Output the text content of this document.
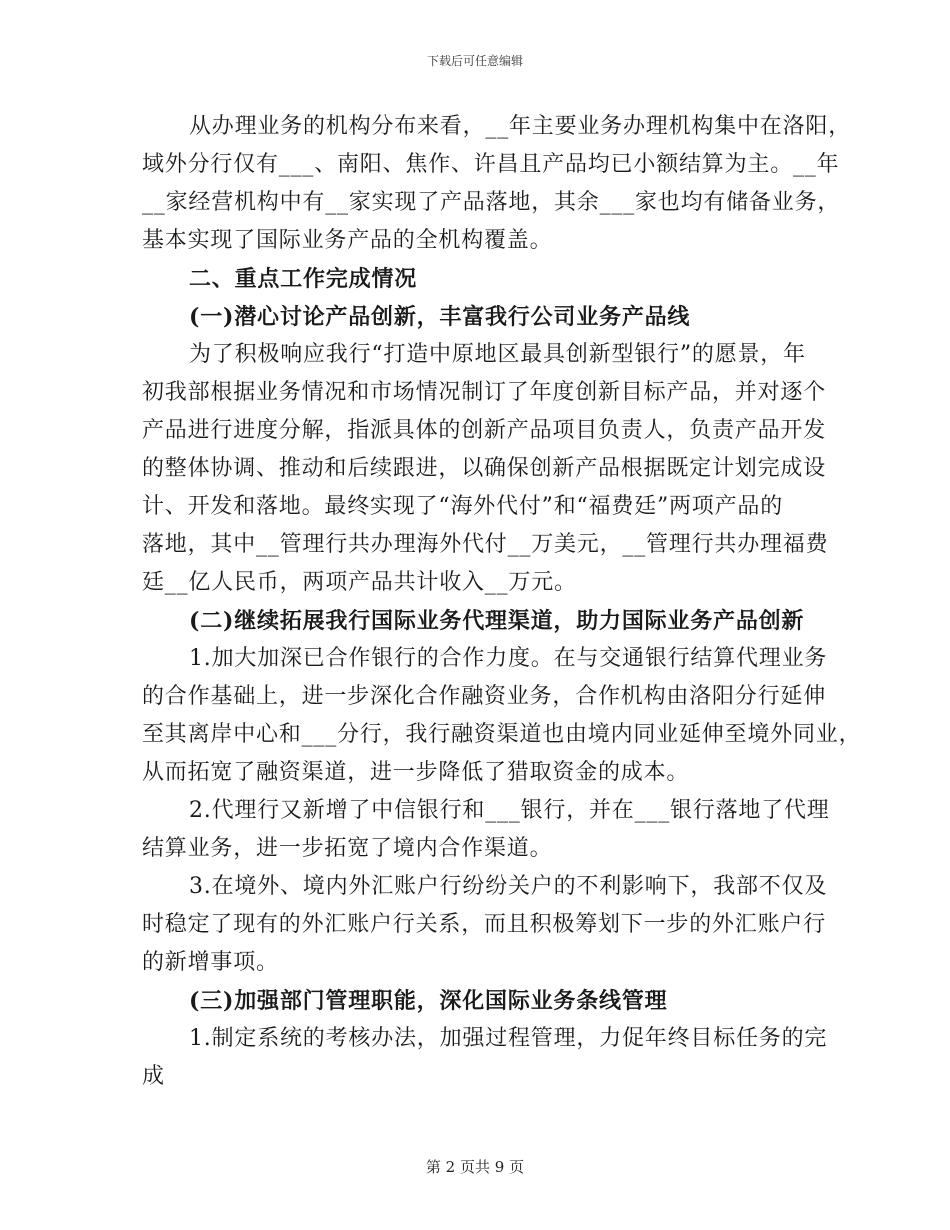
下载后可任意编辑
从办理业务的机构分布来看，__年主要业务办理机构集中在洛阳，
域外分行仅有___、南阳、焦作、许昌且产品均已小额结算为主。__年
__家经营机构中有__家实现了产品落地，其余___家也均有储备业务，
基本实现了国际业务产品的全机构覆盖。
二、重点工作完成情况
(一)潜心讨论产品创新，丰富我行公司业务产品线
为了积极响应我行“打造中原地区最具创新型银行”的愿景，年
初我部根据业务情况和市场情况制订了年度创新目标产品，并对逐个
产品进行进度分解，指派具体的创新产品项目负责人，负责产品开发
的整体协调、推动和后续跟进，以确保创新产品根据既定计划完成设
计、开发和落地。最终实现了“海外代付”和“福费廷”两项产品的
落地，其中__管理行共办理海外代付__万美元，__管理行共办理福费
廷__亿人民币，两项产品共计收入__万元。
(二)继续拓展我行国际业务代理渠道，助力国际业务产品创新
1.加大加深已合作银行的合作力度。在与交通银行结算代理业务
的合作基础上，进一步深化合作融资业务，合作机构由洛阳分行延伸
至其离岸中心和___分行，我行融资渠道也由境内同业延伸至境外同业，
从而拓宽了融资渠道，进一步降低了猎取资金的成本。
2.代理行又新增了中信银行和___银行，并在___银行落地了代理
结算业务，进一步拓宽了境内合作渠道。
3.在境外、境内外汇账户行纷纷关户的不利影响下，我部不仅及
时稳定了现有的外汇账户行关系，而且积极筹划下一步的外汇账户行
的新增事项。
(三)加强部门管理职能，深化国际业务条线管理
1.制定系统的考核办法，加强过程管理，力促年终目标任务的完
成
第 2 页共 9 页
